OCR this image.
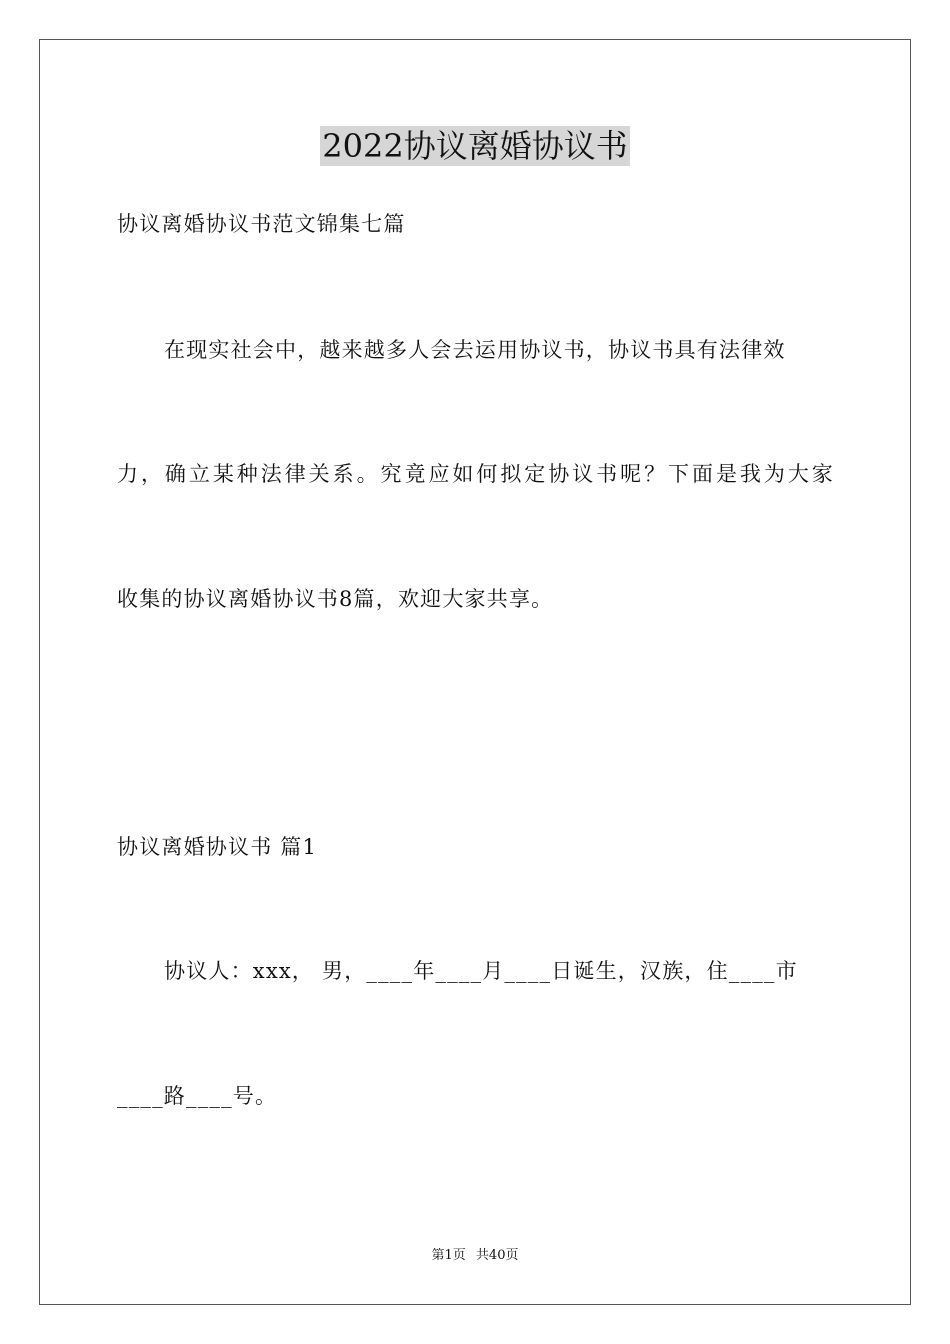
2022协议离婚协议书
协议离婚协议书范文锦集七篇
在现实社会中，越来越多人会去运用协议书，协议书具有法律效
力，确立某种法律关系。究竟应如何拟定协议书呢？下面是我为大家
收集的协议离婚协议书8篇，欢迎大家共享。
协议离婚协议书 篇1
协议人：xxx， 男，____年____月____日诞生，汉族，住____市
____路____号。
第1页 共40页
